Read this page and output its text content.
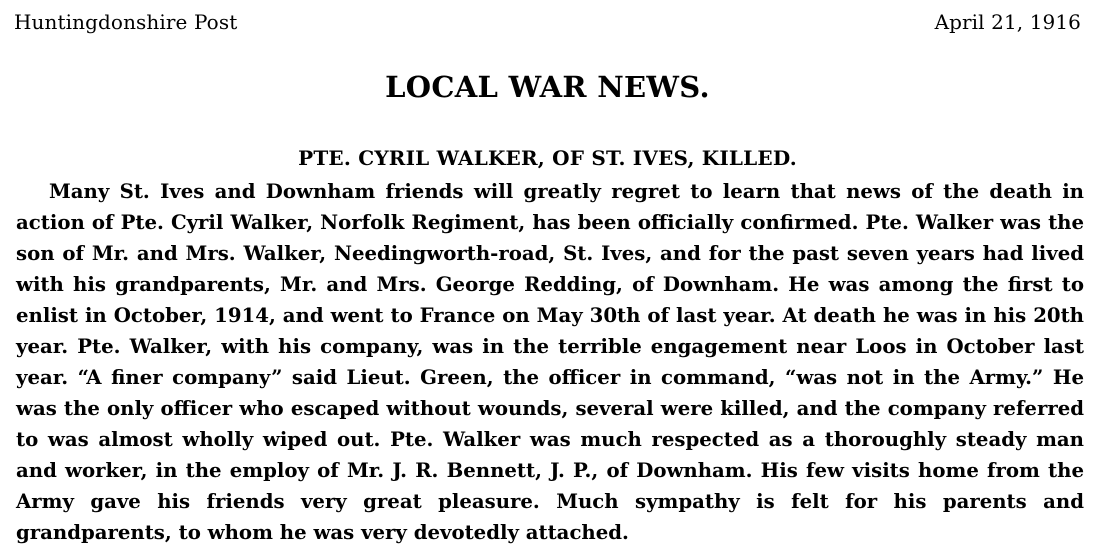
Huntingdonshire Post	April 21, 1916
LOCAL WAR NEWS.
PTE. CYRIL WALKER, OF ST. IVES, KILLED.

Many St. Ives and Downham friends will greatly regret to learn that news of the death in action of Pte. Cyril Walker, Norfolk Regiment, has been officially confirmed. Pte. Walker was the son of Mr. and Mrs. Walker, Needingworth-road, St. Ives, and for the past seven years had lived with his grandparents, Mr. and Mrs. George Redding, of Downham. He was among the first to enlist in October, 1914, and went to France on May 30th of last year. At death he was in his 20th year. Pte. Walker, with his company, was in the terrible engagement near Loos in October last year. “A finer company” said Lieut. Green, the officer in command, “was not in the Army.” He was the only officer who escaped without wounds, several were killed, and the company referred to was almost wholly wiped out. Pte. Walker was much respected as a thoroughly steady man and worker, in the employ of Mr. J. R. Bennett, J. P., of Downham. His few visits home from the Army gave his friends very great pleasure. Much sympathy is felt for his parents and grandparents, to whom he was very devotedly attached.
